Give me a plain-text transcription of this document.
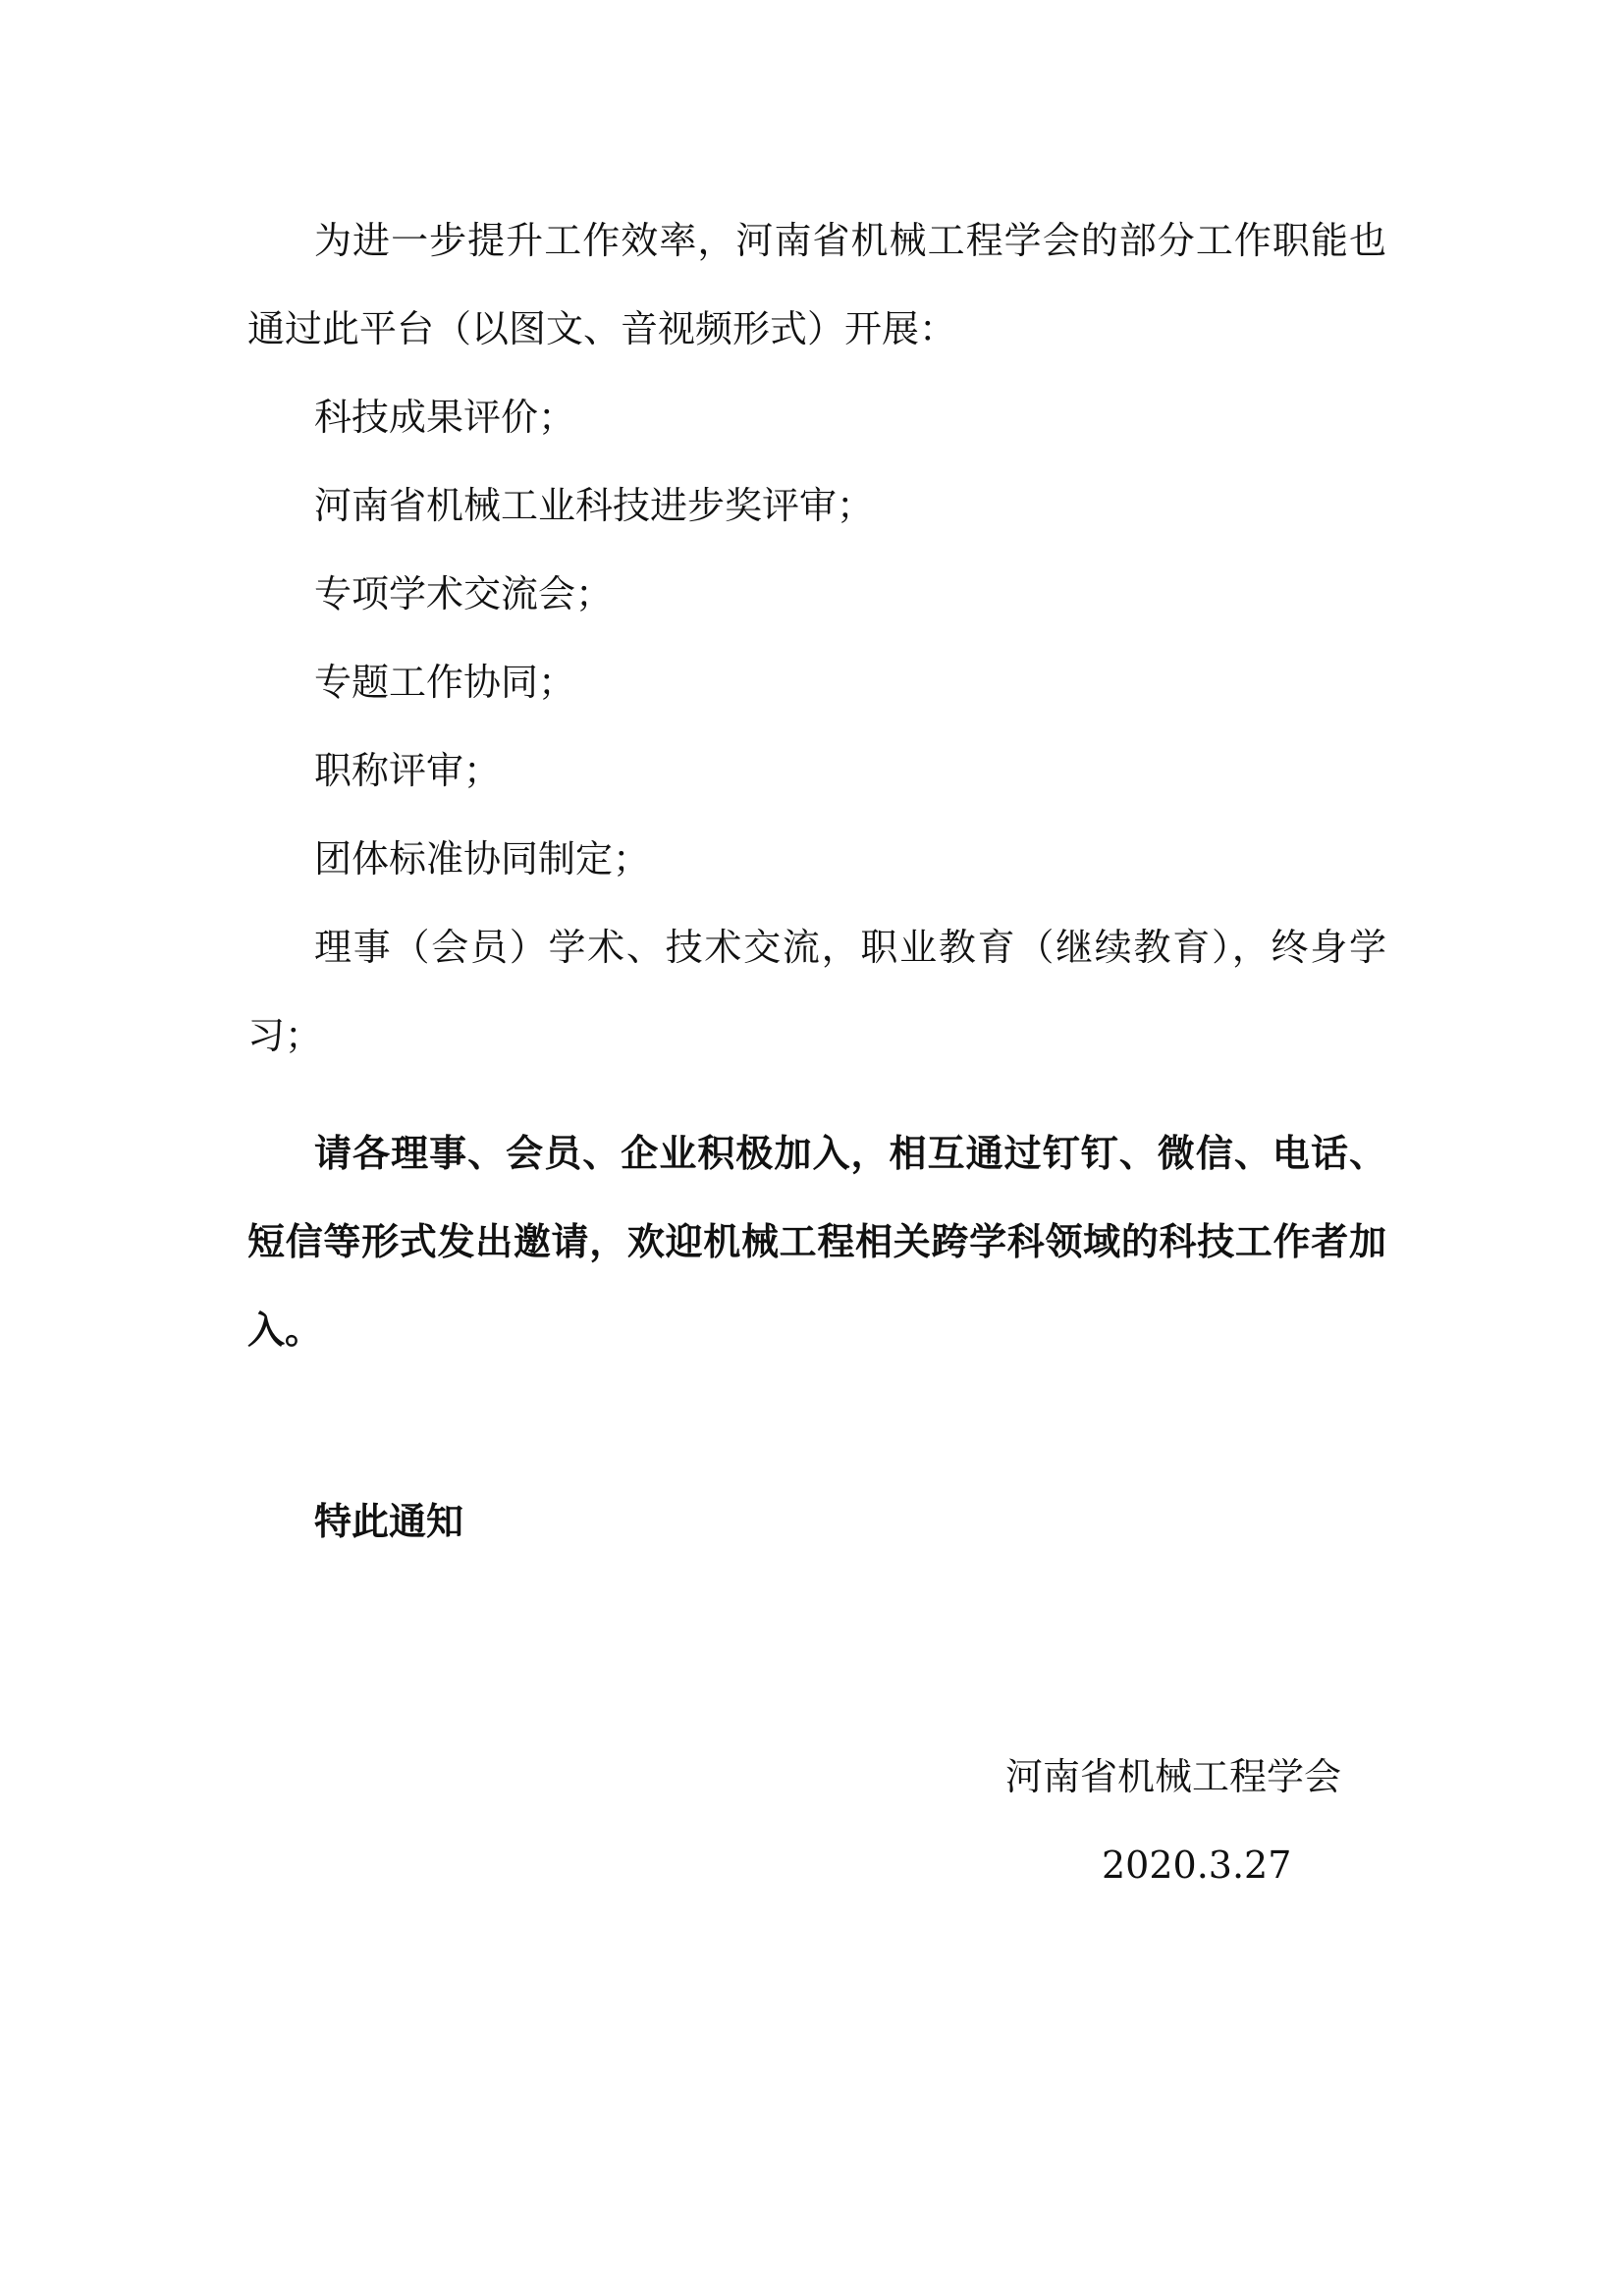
为进一步提升工作效率，河南省机械工程学会的部分工作职能也通过此平台（以图文、音视频形式）开展：

科技成果评价；
河南省机械工业科技进步奖评审；
专项学术交流会；
专题工作协同；
职称评审；
团体标准协同制定；
理事（会员）学术、技术交流，职业教育（继续教育），终身学习；

请各理事、会员、企业积极加入，相互通过钉钉、微信、电话、短信等形式发出邀请，欢迎机械工程相关跨学科领域的科技工作者加入。

特此通知

河南省机械工程学会
2020.3.27
